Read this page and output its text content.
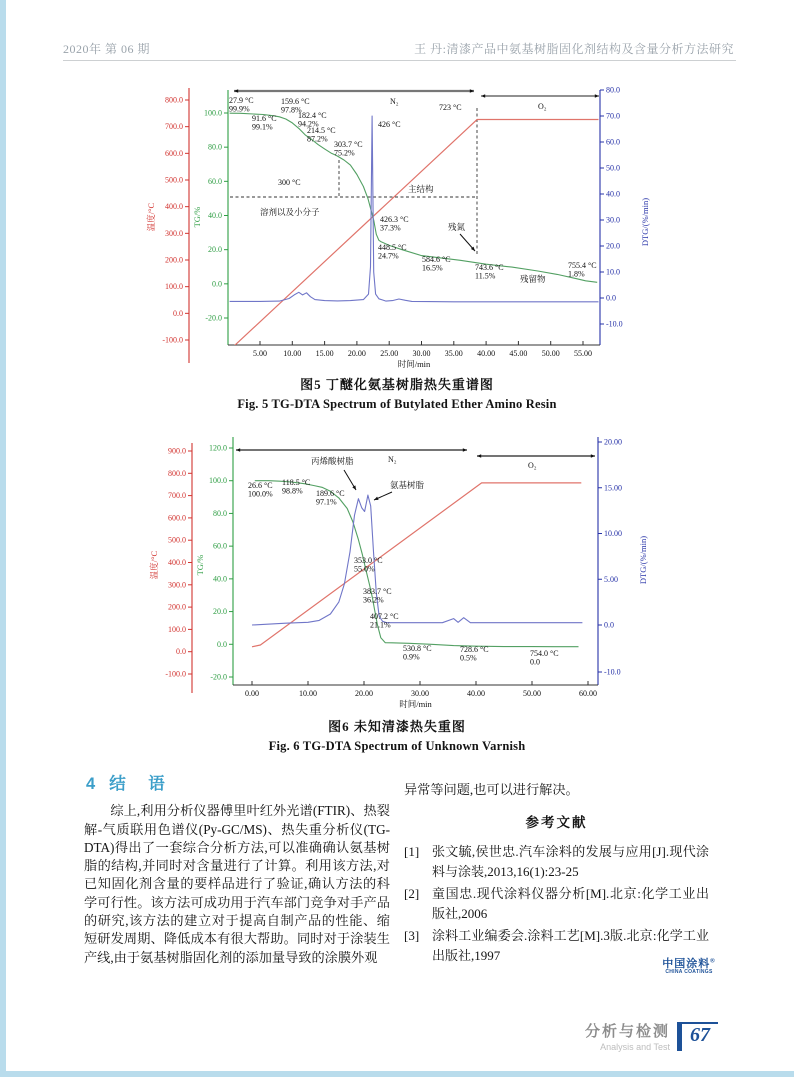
2020年 第 06 期	王 丹:清漆产品中氨基树脂固化剂结构及含量分析方法研究
800.0
700.0
600.0
500.0
400.0
300.0
200.0
100.0
0.0
-100.0
温度/°C
100.0
80.0
60.0
40.0
20.0
0.0
-20.0
TG/%
80.0
70.0
60.0
50.0
40.0
30.0
20.0
10.0
0.0
-10.0
DTG/(%/min)
5.00 10.00 15.00 20.00 25.00 30.00 35.00 40.00 45.00 50.00 55.00
时间/min
27.9 °C 99.9%
159.6 °C 97.8%
91.6 °C 99.1%
182.4 °C 94.2%
214.5 °C 87.2%
303.7 °C 75.2%
426 °C
N₂
723 °C	O₂
300 °C
主结构
溶剂以及小分子
426.3 °C 37.3%
448.5 °C 24.7%	584.6 °C 16.5%
残氮
743.6 °C 11.5%	残留物
755.4 °C 1.8%
图5 丁醚化氨基树脂热失重谱图
Fig. 5 TG-DTA Spectrum of Butylated Ether Amino Resin
900.0
800.0
700.0
600.0
500.0
400.0
300.0
200.0
100.0
0.0
-100.0
温度/°C
120.0
100.0
80.0
60.0
40.0
20.0
0.0
-20.0
TG/%
20.00
15.00
10.00
5.00
0.0
-10.0
DTG/(%/min)
0.00	10.00	20.00	30.00	40.00	50.00	60.00
时间/min
26.6 °C 100.0%
118.5 °C 98.8%	189.6 °C 97.1%
丙烯酸树脂
氨基树脂
353.0 °C 55.0%
383.7 °C 36.2%
407.2 °C 21.1%
530.8 °C 0.9%
728.6 °C 0.5%	754.0 °C 0.0
N₂
O₂
图6 未知清漆热失重图
Fig. 6 TG-DTA Spectrum of Unknown Varnish
4 结 语

综上,利用分析仪器傅里叶红外光谱(FTIR)、热裂解-气质联用色谱仪(Py-GC/MS)、热失重分析仪(TG-DTA)得出了一套综合分析方法,可以准确确认氨基树脂的结构,并同时对含量进行了计算。利用该方法,对已知固化剂含量的要样品进行了验证,确认方法的科学可行性。该方法可成功用于汽车部门竞争对手产品的研究,该方法的建立对于提高自制产品的性能、缩短研发周期、降低成本有很大帮助。同时对于涂装生产线,由于氨基树脂固化剂的添加量导致的涂膜外观

异常等问题,也可以进行解决。

参考文献
[1] 张文毓,侯世忠.汽车涂料的发展与应用[J].现代涂料与涂装,2013,16(1):23-25
[2] 童国忠.现代涂料仪器分析[M].北京:化学工业出版社,2006
[3] 涂料工业编委会.涂料工艺[M].3版.北京:化学工业出版社,1997
中国涂料®
CHINA COATINGS
分析与检测
Analysis and Test
67
